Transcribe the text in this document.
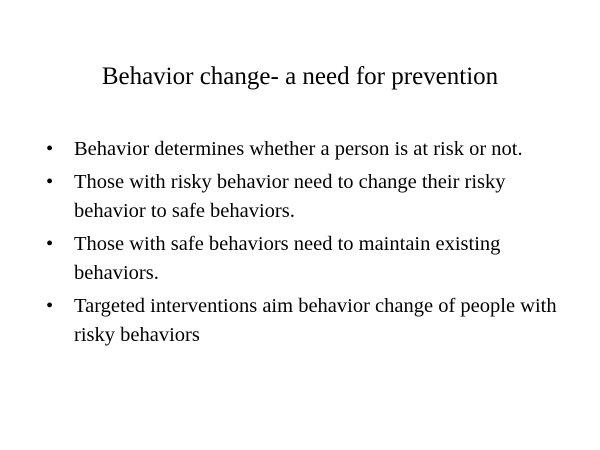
Behavior change- a need for prevention
•	Behavior determines whether a person is at risk or not.
•	Those with risky behavior need to change their risky behavior to safe behaviors.
•	Those with safe behaviors need to maintain existing behaviors.
•	Targeted interventions aim behavior change of people with risky behaviors
